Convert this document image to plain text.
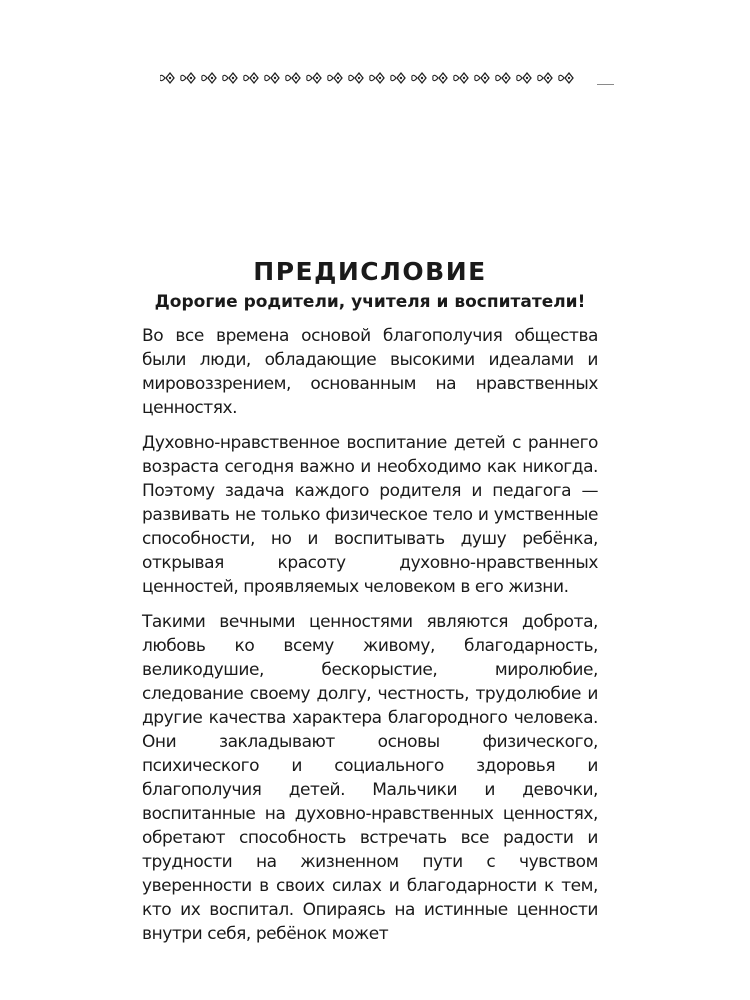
ПРЕДИСЛОВИЕ
Дорогие родители, учителя и воспитатели!

Во все времена основой благополучия общества были люди, обладающие высокими идеалами и мировоззрением, основанным на нравственных ценностях.

Духовно-нравственное воспитание детей с раннего возраста сегодня важно и необходимо как никогда. Поэтому задача каждого родителя и педагога — развивать не только физическое тело и умственные способности, но и воспитывать душу ребёнка, открывая красоту духовно-нравственных ценностей, проявляемых человеком в его жизни.

Такими вечными ценностями являются доброта, любовь ко всему живому, благодарность, великодушие, бескорыстие, миролюбие, следование своему долгу, честность, трудолюбие и другие качества характера благородного человека. Они закладывают основы физического, психического и социального здоровья и благополучия детей. Мальчики и девочки, воспитанные на духовно-нравственных ценностях, обретают способность встречать все радости и трудности на жизненном пути с чувством уверенности в своих силах и благодарности к тем, кто их воспитал. Опираясь на истинные ценности внутри себя, ребёнок может
